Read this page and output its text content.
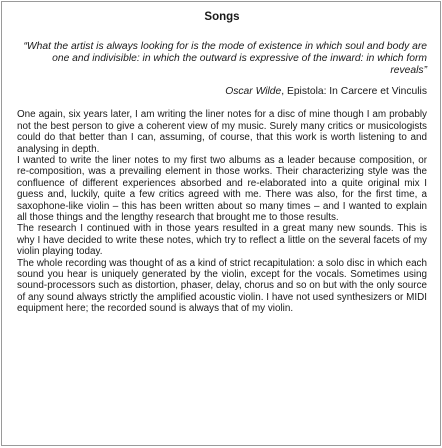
Songs
“What the artist is always looking for is the mode of existence in which soul and body are one and indivisible: in which the outward is expressive of the inward: in which form reveals”
Oscar Wilde, Epistola: In Carcere et Vinculis

One again, six years later, I am writing the liner notes for a disc of mine though I am probably not the best person to give a coherent view of my music. Surely many critics or musicologists could do that better than I can, assuming, of course, that this work is worth listening to and analysing in depth.

I wanted to write the liner notes to my first two albums as a leader because composition, or re-composition, was a prevailing element in those works. Their characterizing style was the confluence of different experiences absorbed and re-elaborated into a quite original mix I guess and, luckily, quite a few critics agreed with me. There was also, for the first time, a saxophone-like violin – this has been written about so many times – and I wanted to explain all those things and the lengthy research that brought me to those results.

The research I continued with in those years resulted in a great many new sounds. This is why I have decided to write these notes, which try to reflect a little on the several facets of my violin playing today.

The whole recording was thought of as a kind of strict recapitulation: a solo disc in which each sound you hear is uniquely generated by the violin, except for the vocals. Sometimes using sound-processors such as distortion, phaser, delay, chorus and so on but with the only source of any sound always strictly the amplified acoustic violin. I have not used synthesizers or MIDI equipment here; the recorded sound is always that of my violin.
